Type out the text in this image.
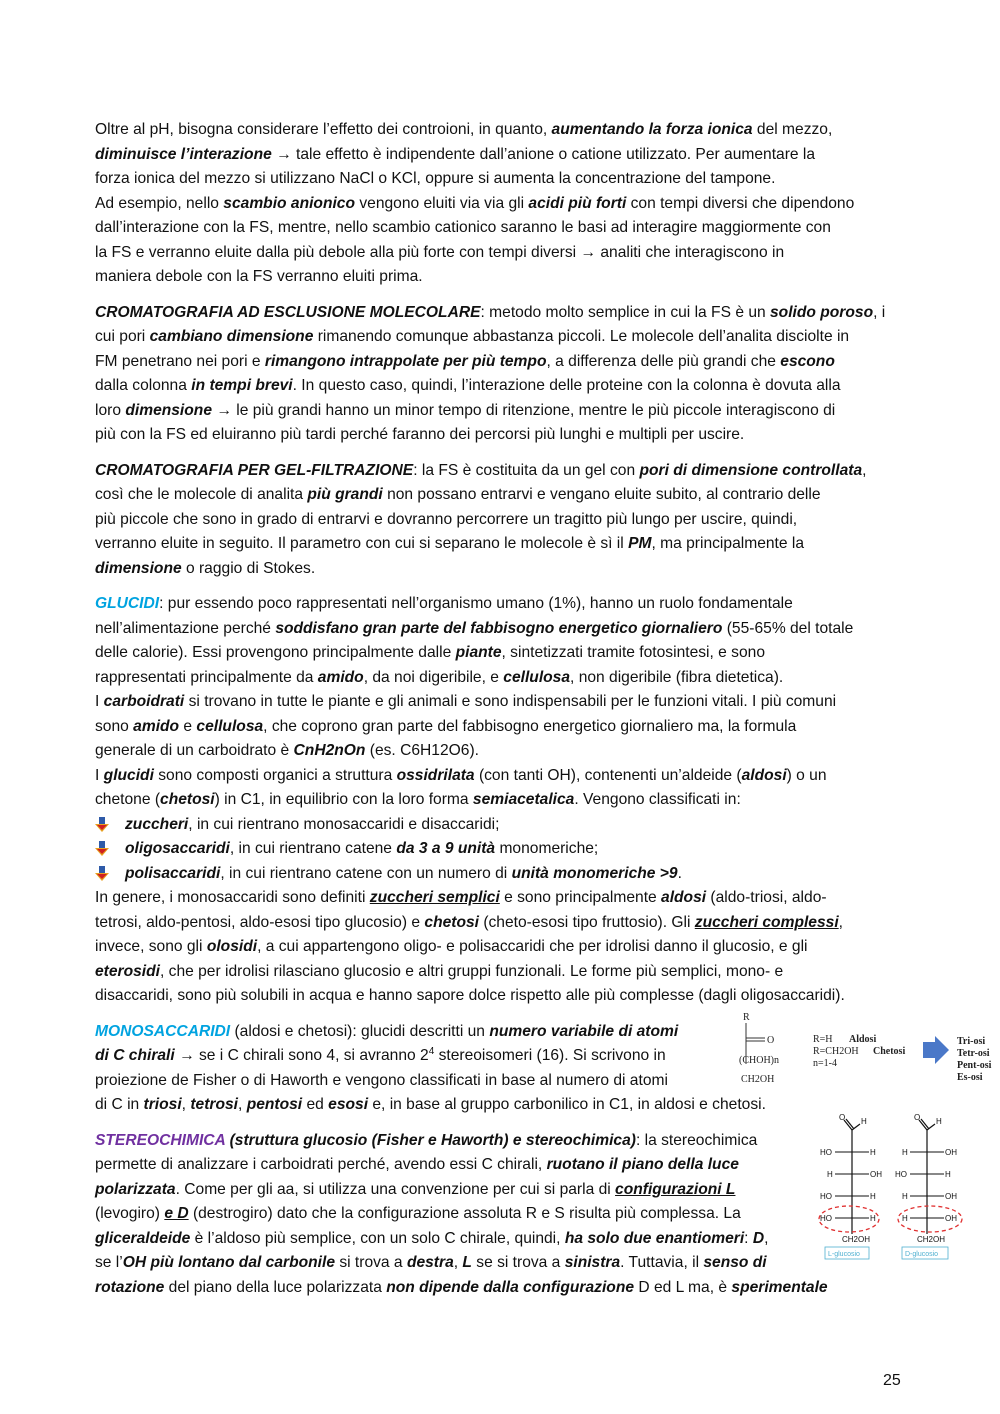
Oltre al pH, bisogna considerare l’effetto dei controioni, in quanto, aumentando la forza ionica del mezzo,
diminuisce l’interazione → tale effetto è indipendente dall’anione o catione utilizzato. Per aumentare la
forza ionica del mezzo si utilizzano NaCl o KCl, oppure si aumenta la concentrazione del tampone.
Ad esempio, nello scambio anionico vengono eluiti via via gli acidi più forti con tempi diversi che dipendono
dall’interazione con la FS, mentre, nello scambio cationico saranno le basi ad interagire maggiormente con
la FS e verranno eluite dalla più debole alla più forte con tempi diversi → analiti che interagiscono in
maniera debole con la FS verranno eluiti prima.
CROMATOGRAFIA AD ESCLUSIONE MOLECOLARE: metodo molto semplice in cui la FS è un solido poroso, i
cui pori cambiano dimensione rimanendo comunque abbastanza piccoli. Le molecole dell’analita disciolte in
FM penetrano nei pori e rimangono intrappolate per più tempo, a differenza delle più grandi che escono
dalla colonna in tempi brevi. In questo caso, quindi, l’interazione delle proteine con la colonna è dovuta alla
loro dimensione → le più grandi hanno un minor tempo di ritenzione, mentre le più piccole interagiscono di
più con la FS ed eluiranno più tardi perché faranno dei percorsi più lunghi e multipli per uscire.
CROMATOGRAFIA PER GEL-FILTRAZIONE: la FS è costituita da un gel con pori di dimensione controllata,
così che le molecole di analita più grandi non possano entrarvi e vengano eluite subito, al contrario delle
più piccole che sono in grado di entrarvi e dovranno percorrere un tragitto più lungo per uscire, quindi,
verranno eluite in seguito. Il parametro con cui si separano le molecole è sì il PM, ma principalmente la
dimensione o raggio di Stokes.
GLUCIDI: pur essendo poco rappresentati nell’organismo umano (1%), hanno un ruolo fondamentale
nell’alimentazione perché soddisfano gran parte del fabbisogno energetico giornaliero (55-65% del totale
delle calorie). Essi provengono principalmente dalle piante, sintetizzati tramite fotosintesi, e sono
rappresentati principalmente da amido, da noi digeribile, e cellulosa, non digeribile (fibra dietetica).
I carboidrati si trovano in tutte le piante e gli animali e sono indispensabili per le funzioni vitali. I più comuni
sono amido e cellulosa, che coprono gran parte del fabbisogno energetico giornaliero ma, la formula
generale di un carboidrato è CnH2nOn (es. C6H12O6).
I glucidi sono composti organici a struttura ossidrilata (con tanti OH), contenenti un’aldeide (aldosi) o un
chetone (chetosi) in C1, in equilibrio con la loro forma semiacetalica. Vengono classificati in:
zuccheri, in cui rientrano monosaccaridi e disaccaridi;
oligosaccaridi, in cui rientrano catene da 3 a 9 unità monomeriche;
polisaccaridi, in cui rientrano catene con un numero di unità monomeriche >9.
In genere, i monosaccaridi sono definiti zuccheri semplici e sono principalmente aldosi (aldo-triosi, aldo-
tetrosi, aldo-pentosi, aldo-esosi tipo glucosio) e chetosi (cheto-esosi tipo fruttosio). Gli zuccheri complessi,
invece, sono gli olosidi, a cui appartengono oligo- e polisaccaridi che per idrolisi danno il glucosio, e gli
eterosidi, che per idrolisi rilasciano glucosio e altri gruppi funzionali. Le forme più semplici, mono- e
disaccaridi, sono più solubili in acqua e hanno sapore dolce rispetto alle più complesse (dagli oligosaccaridi).
MONOSACCARIDI (aldosi e chetosi): glucidi descritti un numero variabile di atomi
di C chirali → se i C chirali sono 4, si avranno $2^4$ stereoisomeri (16). Si scrivono in
proiezione de Fisher o di Haworth e vengono classificati in base al numero di atomi
di C in triosi, tetrosi, pentosi ed esosi e, in base al gruppo carbonilico in C1, in aldosi e chetosi.
R
O
(CHOH)n
CH2OH
R=H Aldosi
R=CH2OH Chetosi
n=1-4
Tri-osi
Tetr-osi
Pent-osi
Es-osi
STEREOCHIMICA (struttura glucosio (Fisher e Haworth) e stereochimica): la stereochimica
permette di analizzare i carboidrati perché, avendo essi C chirali, ruotano il piano della luce
polarizzata. Come per gli aa, si utilizza una convenzione per cui si parla di configurazioni L
(levogiro) e D (destrogiro) dato che la configurazione assoluta R e S risulta più complessa. La
gliceraldeide è l’aldoso più semplice, con un solo C chirale, quindi, ha solo due enantiomeri: D,
se l’OH più lontano dal carbonile si trova a destra, L se si trova a sinistra. Tuttavia, il senso di
rotazione del piano della luce polarizzata non dipende dalla configurazione D ed L ma, è sperimentale
O H
HO	H
H	OH
HO	H
HO	H
CH2OH
L-glucosio
O H
H	OH
HO	H
H	OH
H	OH
CH2OH
D-glucosio
25
